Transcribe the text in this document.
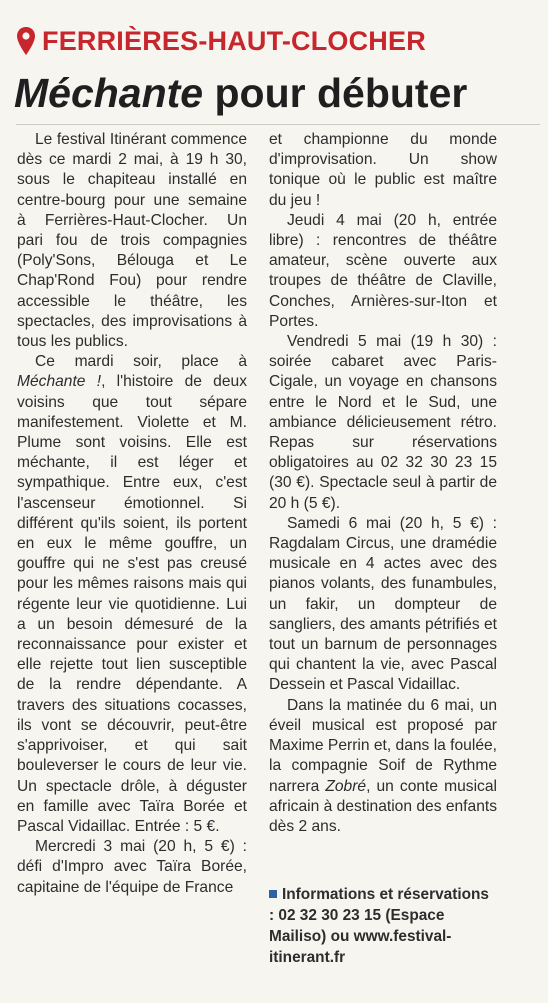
FERRIÈRES-HAUT-CLOCHER
Méchante pour débuter

Le festival Itinérant commence dès ce mardi 2 mai, à 19 h 30, sous le chapiteau installé en centre-bourg pour une semaine à Ferrières-Haut-Clocher. Un pari fou de trois compagnies (Poly'Sons, Bélouga et Le Chap'Rond Fou) pour rendre accessible le théâtre, les spectacles, des improvisations à tous les publics.

Ce mardi soir, place à Méchante !, l'histoire de deux voisins que tout sépare manifestement. Violette et M. Plume sont voisins. Elle est méchante, il est léger et sympathique. Entre eux, c'est l'ascenseur émotionnel. Si différent qu'ils soient, ils portent en eux le même gouffre, un gouffre qui ne s'est pas creusé pour les mêmes raisons mais qui régente leur vie quotidienne. Lui a un besoin démesuré de la reconnaissance pour exister et elle rejette tout lien susceptible de la rendre dépendante. A travers des situations cocasses, ils vont se découvrir, peut-être s'apprivoiser, et qui sait bouleverser le cours de leur vie. Un spectacle drôle, à déguster en famille avec Taïra Borée et Pascal Vidaillac. Entrée : 5 €.

Mercredi 3 mai (20 h, 5 €) : défi d'Impro avec Taïra Borée, capitaine de l'équipe de France

et championne du monde d'improvisation. Un show tonique où le public est maître du jeu !

Jeudi 4 mai (20 h, entrée libre) : rencontres de théâtre amateur, scène ouverte aux troupes de théâtre de Claville, Conches, Arnières-sur-Iton et Portes.

Vendredi 5 mai (19 h 30) : soirée cabaret avec Paris-Cigale, un voyage en chansons entre le Nord et le Sud, une ambiance délicieusement rétro. Repas sur réservations obligatoires au 02 32 30 23 15 (30 €). Spectacle seul à partir de 20 h (5 €).

Samedi 6 mai (20 h, 5 €) : Ragdalam Circus, une dramédie musicale en 4 actes avec des pianos volants, des funambules, un fakir, un dompteur de sangliers, des amants pétrifiés et tout un barnum de personnages qui chantent la vie, avec Pascal Dessein et Pascal Vidaillac.

Dans la matinée du 6 mai, un éveil musical est proposé par Maxime Perrin et, dans la foulée, la compagnie Soif de Rythme narrera Zobré, un conte musical africain à destination des enfants dès 2 ans.

Informations et réservations : 02 32 30 23 15 (Espace Mailiso) ou www.festival-itinerant.fr
